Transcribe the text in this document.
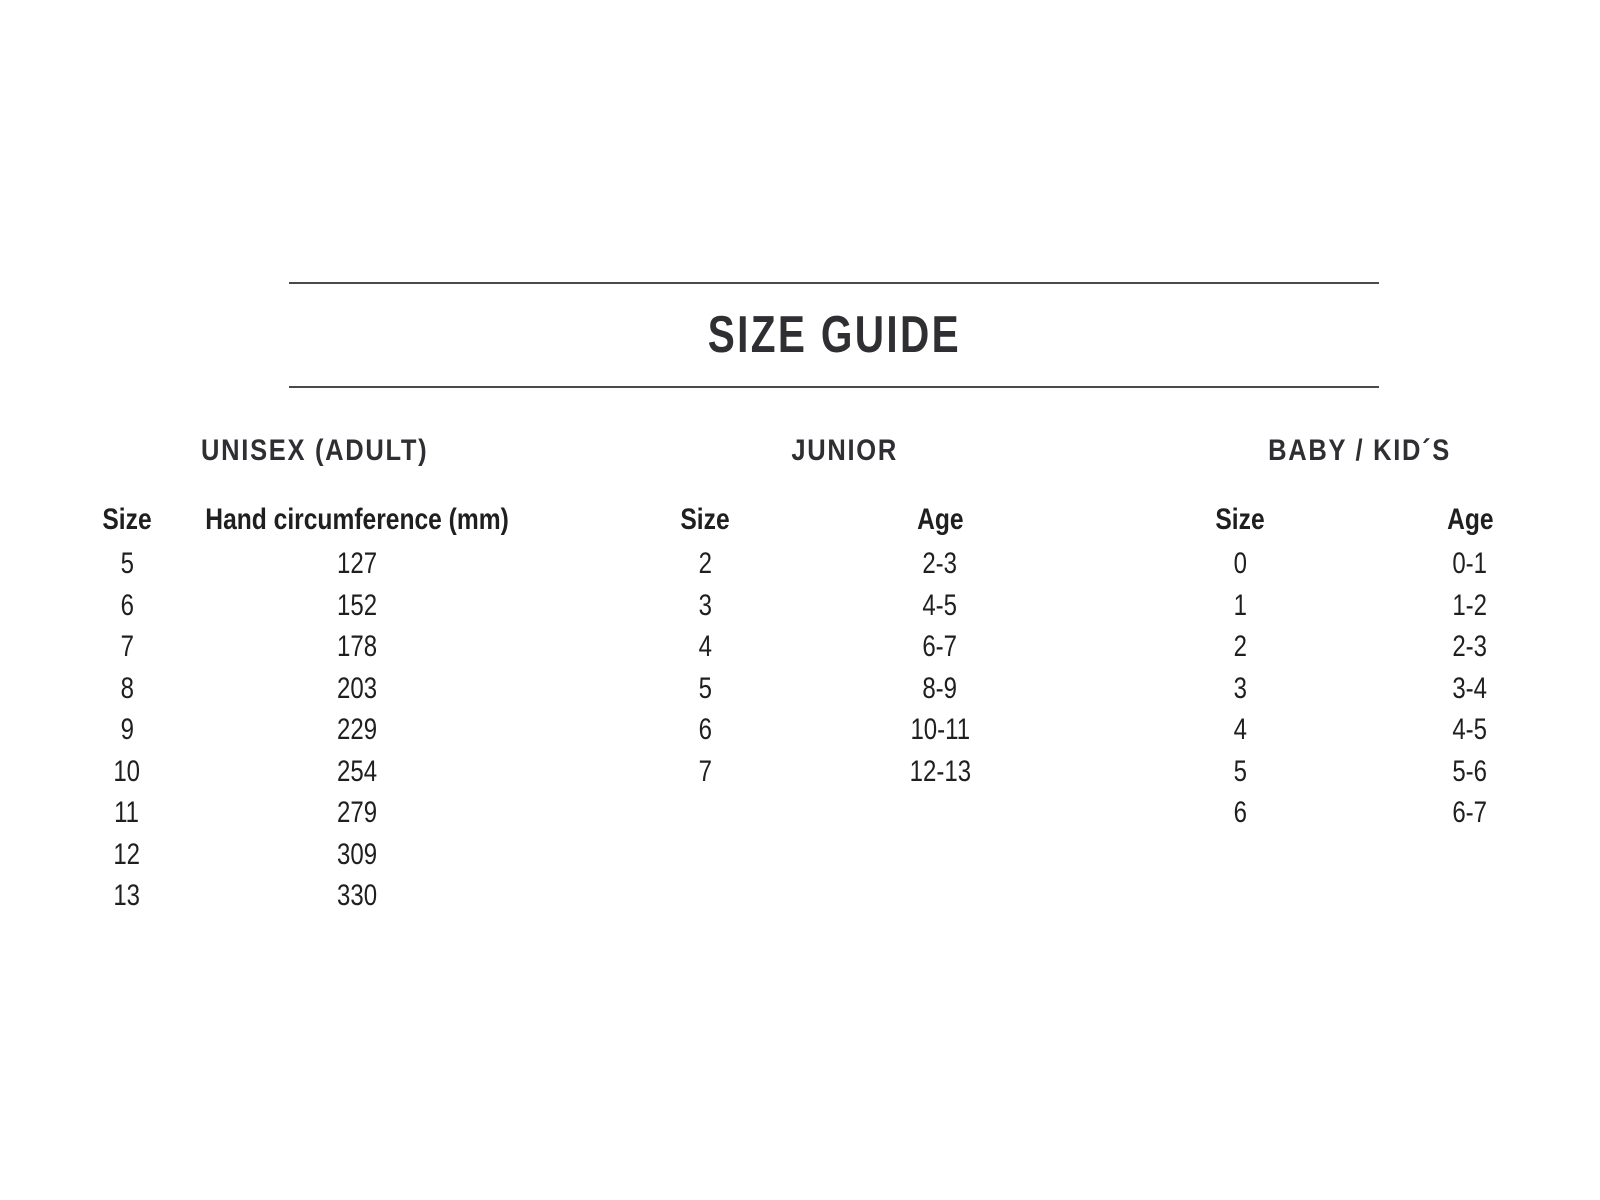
SIZE GUIDE
UNISEX (ADULT)
Size	Hand circumference (mm)
5	127
6	152
7	178
8	203
9	229
10	254
11	279
12	309
13	330
JUNIOR
Size	Age
2	2-3
3	4-5
4	6-7
5	8-9
6	10-11
7	12-13
BABY / KID´S
Size	Age
0	0-1
1	1-2
2	2-3
3	3-4
4	4-5
5	5-6
6	6-7
